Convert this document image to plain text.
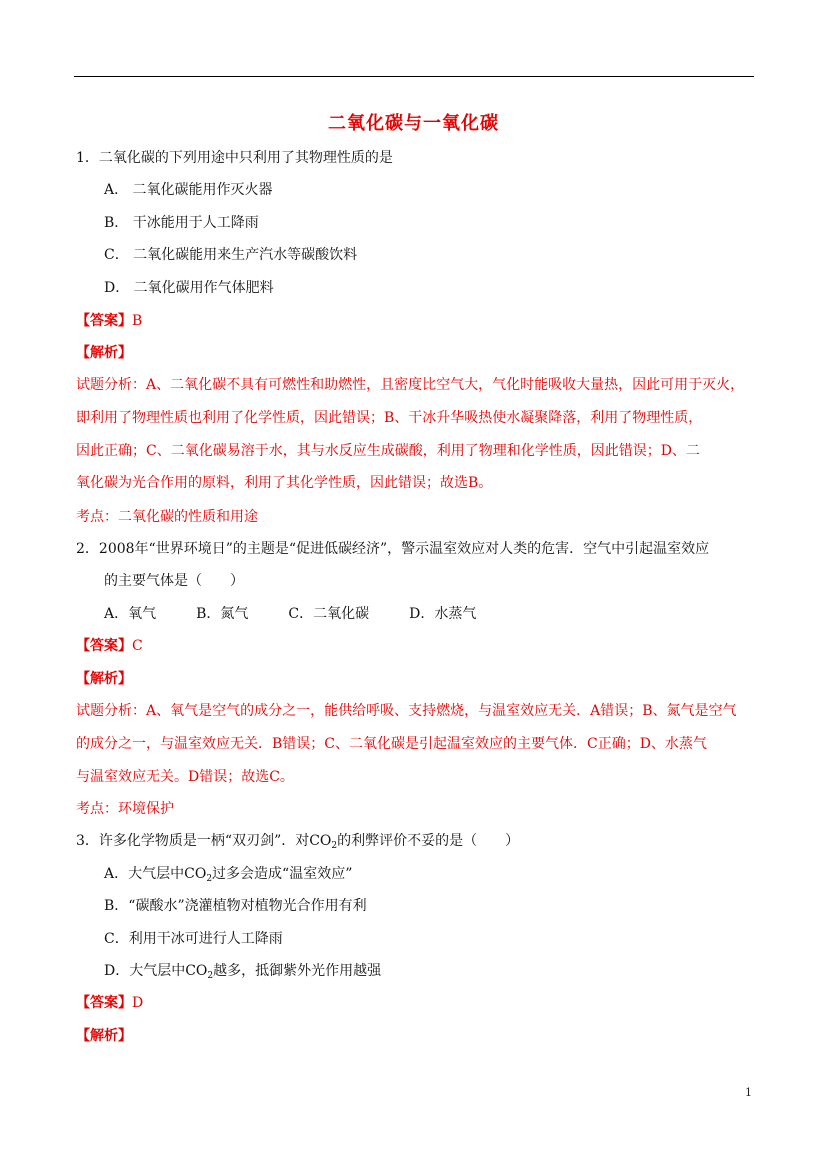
二氧化碳与一氧化碳
1．二氧化碳的下列用途中只利用了其物理性质的是
A． 二氧化碳能用作灭火器
B． 干冰能用于人工降雨
C． 二氧化碳能用来生产汽水等碳酸饮料
D． 二氧化碳用作气体肥料
【答案】B
【解析】
试题分析：A、二氧化碳不具有可燃性和助燃性，且密度比空气大，气化时能吸收大量热，因此可用于灭火，
即利用了物理性质也利用了化学性质，因此错误；B、干冰升华吸热使水凝聚降落，利用了物理性质，
因此正确；C、二氧化碳易溶于水，其与水反应生成碳酸，利用了物理和化学性质，因此错误；D、二
氧化碳为光合作用的原料，利用了其化学性质，因此错误；故选B。
考点：二氧化碳的性质和用途
2．2008年“世界环境日”的主题是“促进低碳经济”，警示温室效应对人类的危害．空气中引起温室效应
的主要气体是（　　）
A．氧气	B．氮气	C．二氧化碳	D．水蒸气
【答案】C
【解析】
试题分析：A、氧气是空气的成分之一，能供给呼吸、支持燃烧，与温室效应无关．A错误；B、氮气是空气
的成分之一，与温室效应无关．B错误；C、二氧化碳是引起温室效应的主要气体．C正确；D、水蒸气
与温室效应无关。D错误；故选C。
考点：环境保护
3．许多化学物质是一柄“双刃剑”．对$CO_2$的利弊评价不妥的是（　　）
A．大气层中$CO_2$过多会造成“温室效应”
B．“碳酸水”浇灌植物对植物光合作用有利
C．利用干冰可进行人工降雨
D．大气层中$CO_2$越多，抵御紫外光作用越强
【答案】D
【解析】
1
